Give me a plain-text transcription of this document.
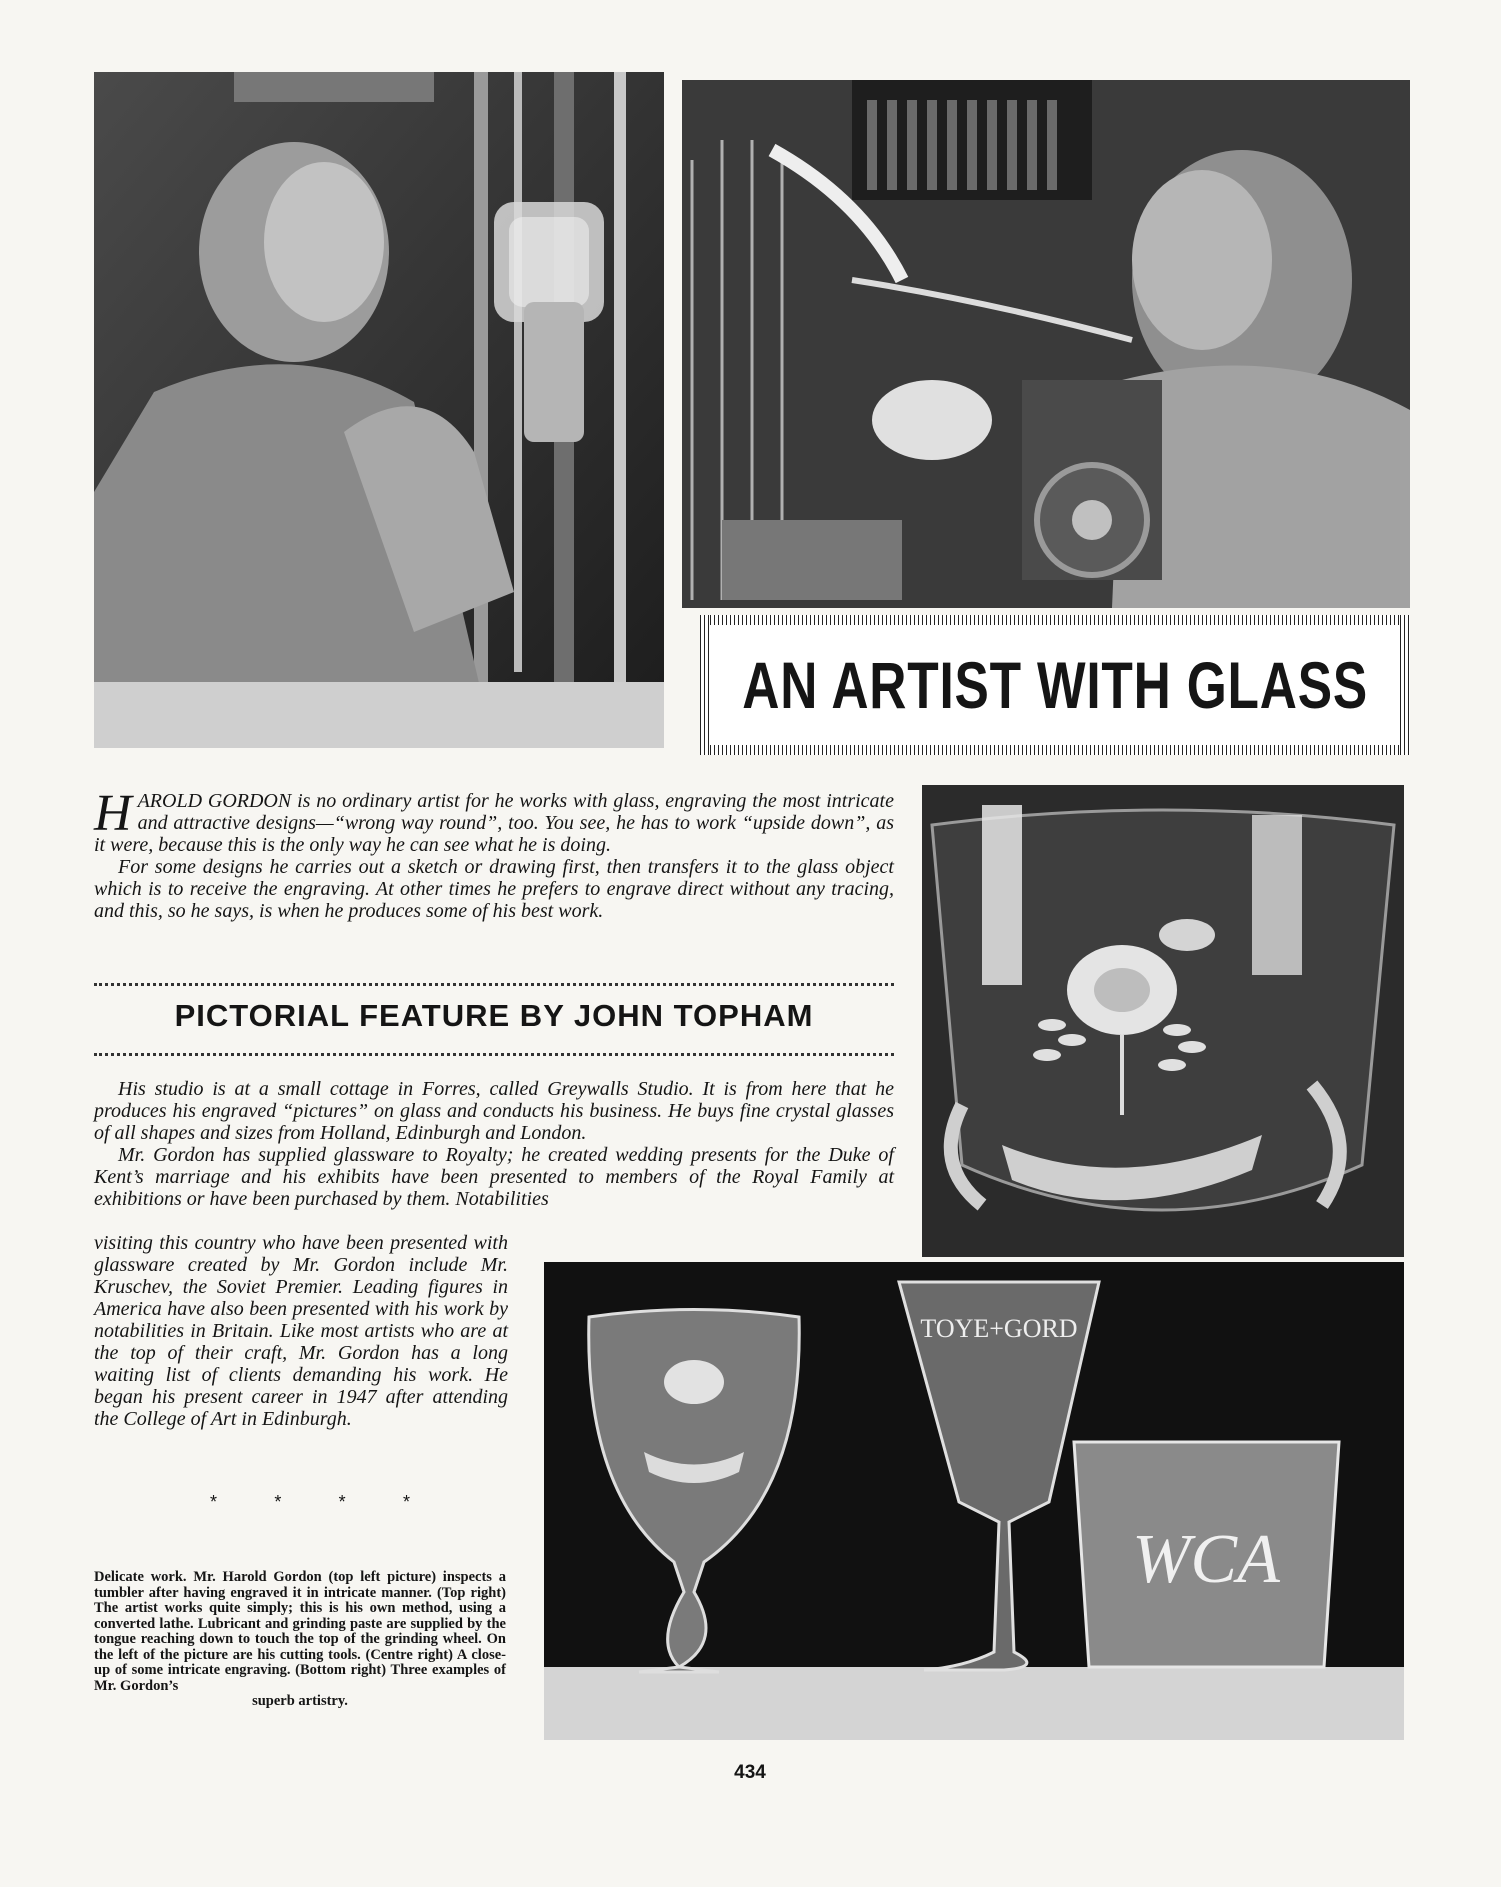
AN ARTIST WITH GLASS

H AROLD GORDON is no ordinary artist for he works with glass, engraving the most intricate and attractive designs—“wrong way round”, too. You see, he has to work “upside down”, as it were, because this is the only way he can see what he is doing.

For some designs he carries out a sketch or drawing first, then transfers it to the glass object which is to receive the engraving. At other times he prefers to engrave direct without any tracing, and this, so he says, is when he produces some of his best work.

PICTORIAL FEATURE BY JOHN TOPHAM

His studio is at a small cottage in Forres, called Greywalls Studio. It is from here that he produces his engraved “pictures” on glass and conducts his business. He buys fine crystal glasses of all shapes and sizes from Holland, Edinburgh and London.

Mr. Gordon has supplied glassware to Royalty; he created wedding presents for the Duke of Kent’s marriage and his exhibits have been presented to members of the Royal Family at exhibitions or have been purchased by them. Notabilities

visiting this country who have been presented with glassware created by Mr. Gordon include Mr. Kruschev, the Soviet Premier. Leading figures in America have also been presented with his work by notabilities in Britain. Like most artists who are at the top of their craft, Mr. Gordon has a long waiting list of clients demanding his work. He began his present career in 1947 after attending the College of Art in Edinburgh.

TOYE+GORD
WCA
*	*	*	*

Delicate work. Mr. Harold Gordon (top left picture) inspects a tumbler after having engraved it in intricate manner. (Top right) The artist works quite simply; this is his own method, using a converted lathe. Lubricant and grinding paste are supplied by the tongue reaching down to touch the top of the grinding wheel. On the left of the picture are his cutting tools. (Centre right) A close-up of some intricate engraving. (Bottom right) Three examples of Mr. Gordon’s
superb artistry.

434
